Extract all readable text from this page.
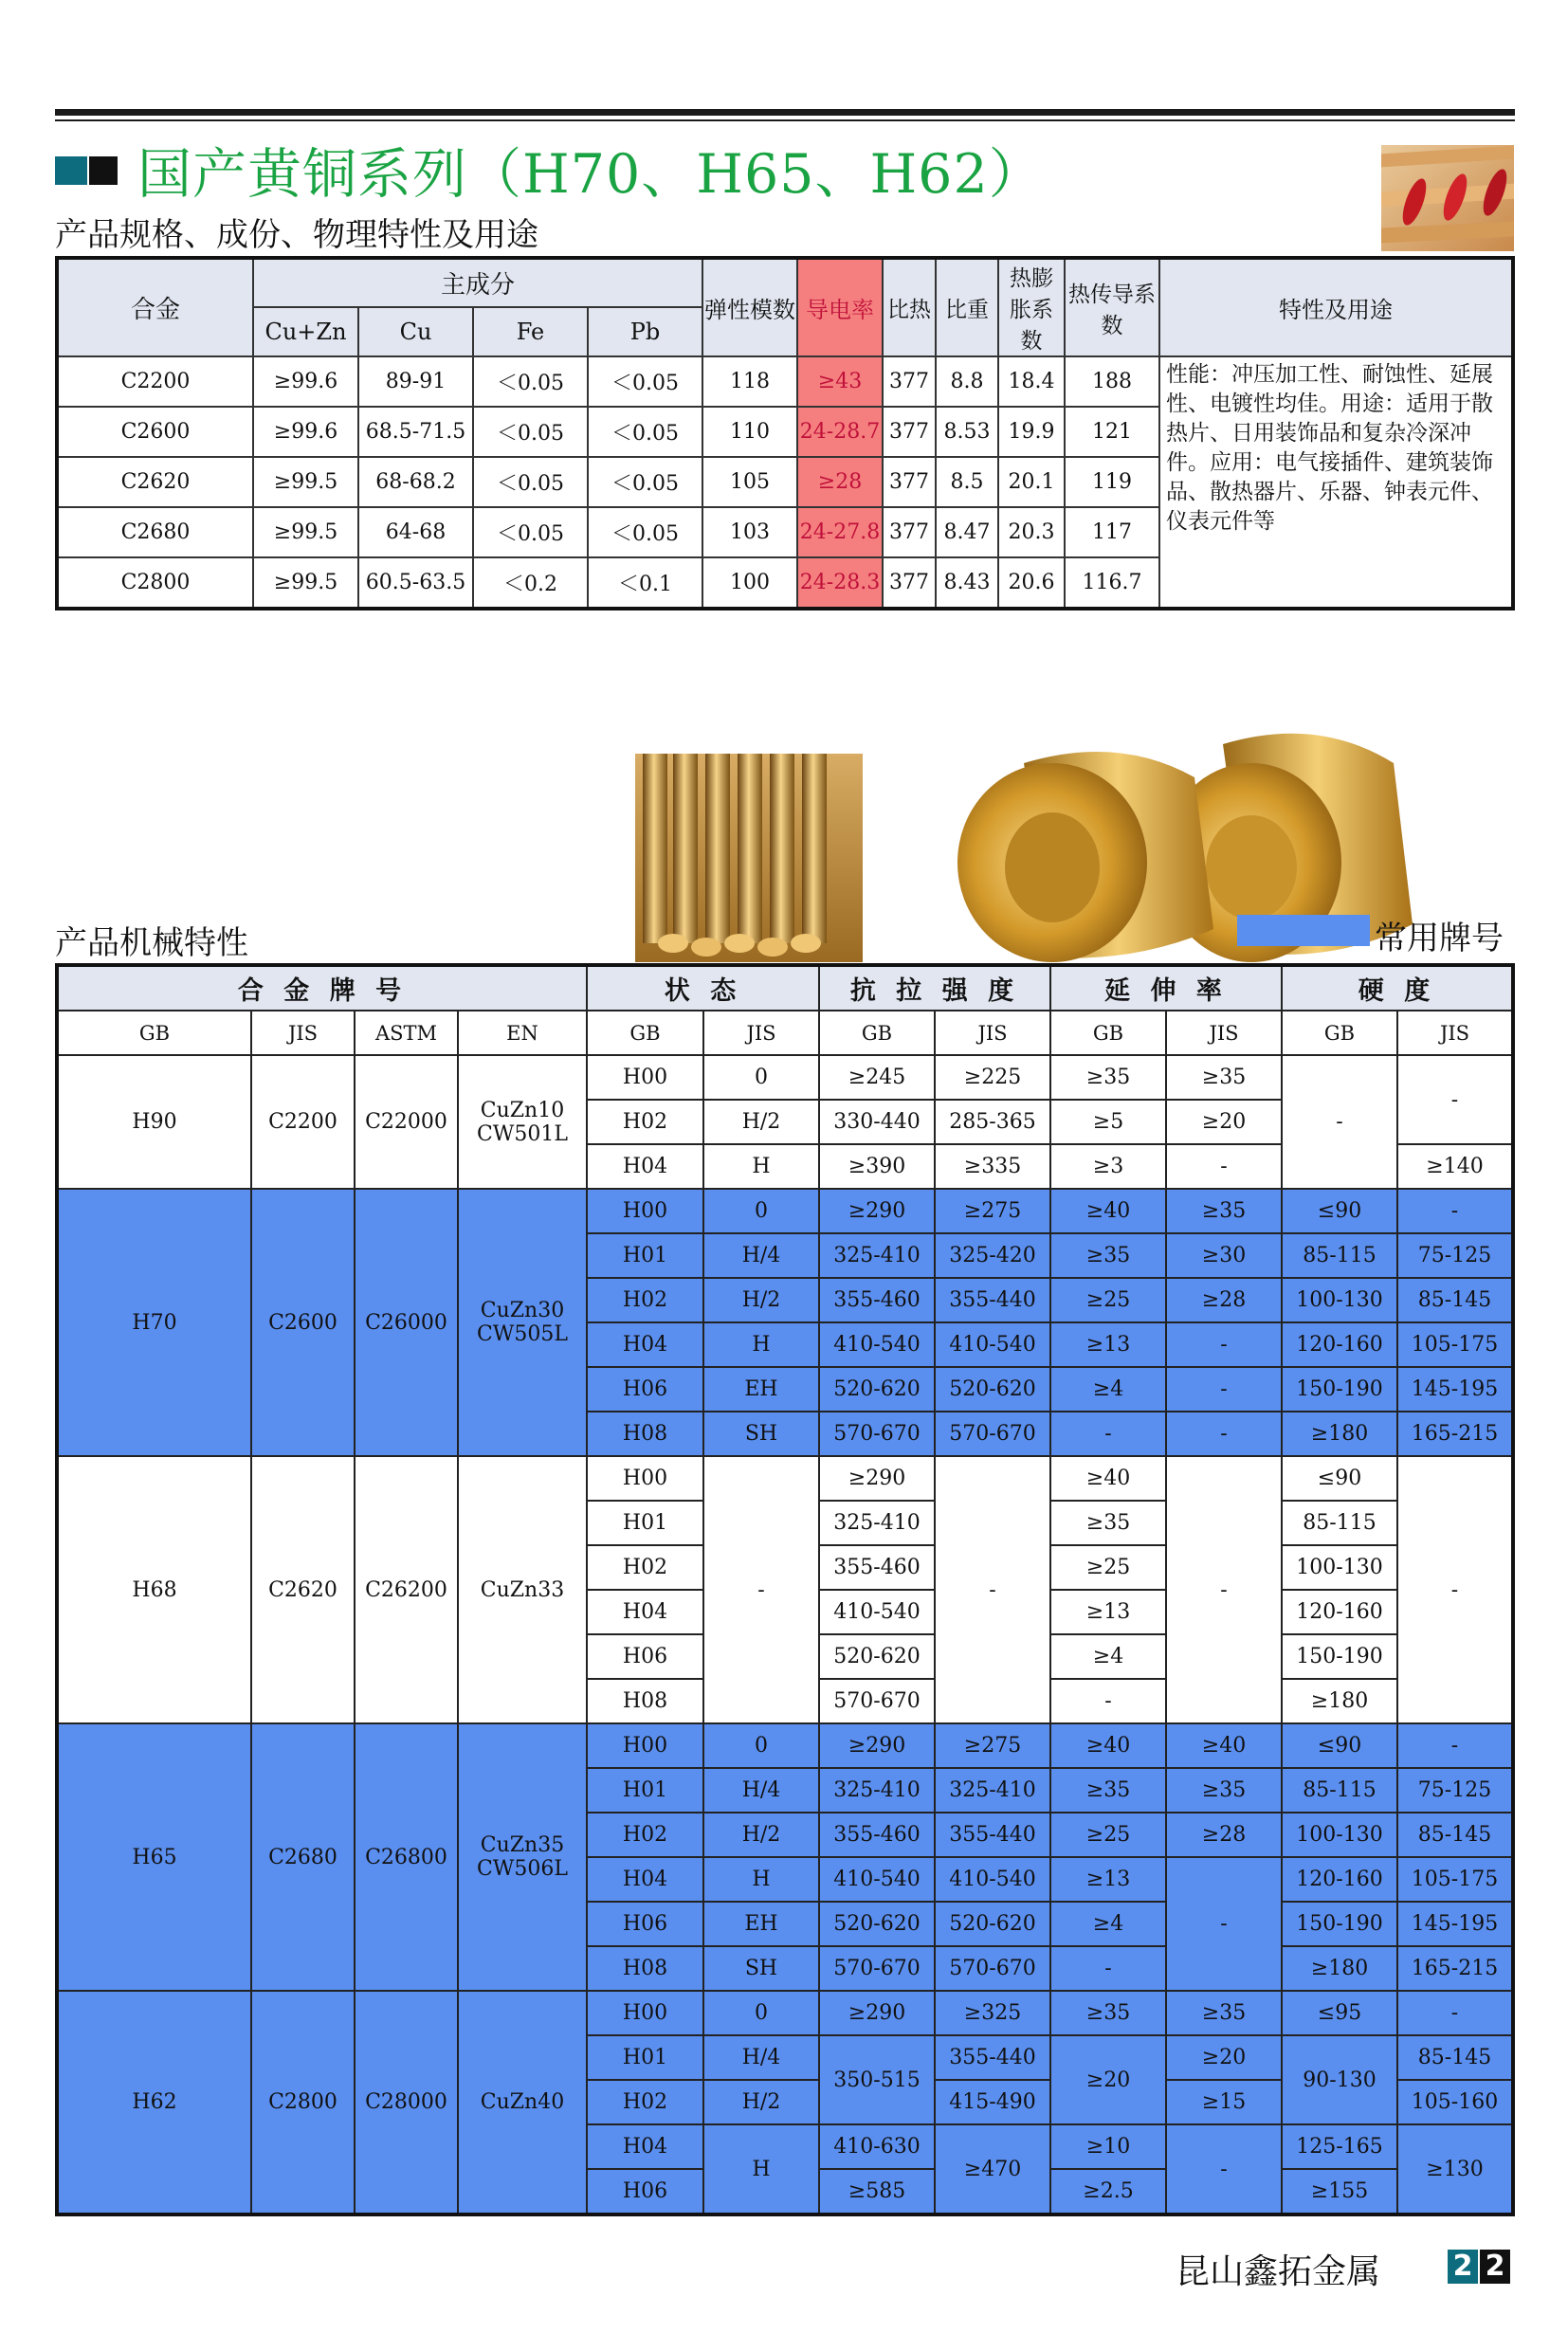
国产黄铜系列（H70、H65、H62）
产品规格、成份、物理特性及用途
合金	主成分				弹性模数	导电率	比热	比重	热膨胀系数	热传导系数	特性及用途
	Cu+Zn	Cu	Fe	Pb							
C2200	≥99.6	89-91	＜0.05	＜0.05	118	≥43	377	8.8	18.4	188	性能：冲压加工性、耐蚀性、延展性、电镀性均佳。用途：适用于散热片、日用装饰品和复杂冷深冲件。应用：电气接插件、建筑装饰品、散热器片、乐器、钟表元件、仪表元件等
C2600	≥99.6	68.5-71.5	＜0.05	＜0.05	110	24-28.7	377	8.53	19.9	121	
C2620	≥99.5	68-68.2	＜0.05	＜0.05	105	≥28	377	8.5	20.1	119	
C2680	≥99.5	64-68	＜0.05	＜0.05	103	24-27.8	377	8.47	20.3	117	
C2800	≥99.5	60.5-63.5	＜0.2	＜0.1	100	24-28.3	377	8.43	20.6	116.7	
产品机械特性	常用牌号
合 金 牌 号				状 态		抗 拉 强 度		延 伸 率		硬 度	
GB	JIS	ASTM	EN	GB	JIS	GB	JIS	GB	JIS	GB	JIS
H90	C2200	C22000	CuZn10 CW501L	H00	0	≥245	≥225	≥35	≥35	-	-
				H02	H/2	330-440	285-365	≥5	≥20		
				H04	H	≥390	≥335	≥3	-		≥140
H70	C2600	C26000	CuZn30 CW505L	H00	0	≥290	≥275	≥40	≥35	≤90	-
				H01	H/4	325-410	325-420	≥35	≥30	85-115	75-125
				H02	H/2	355-460	355-440	≥25	≥28	100-130	85-145
				H04	H	410-540	410-540	≥13	-	120-160	105-175
				H06	EH	520-620	520-620	≥4	-	150-190	145-195
				H08	SH	570-670	570-670	-	-	≥180	165-215
H68	C2620	C26200	CuZn33	H00	-	≥290	-	≥40	-	≤90	-
				H01		325-410		≥35		85-115	
				H02		355-460		≥25		100-130	
				H04		410-540		≥13		120-160	
				H06		520-620		≥4		150-190	
				H08		570-670		-		≥180	
H65	C2680	C26800	CuZn35 CW506L	H00	0	≥290	≥275	≥40	≥40	≤90	-
				H01	H/4	325-410	325-410	≥35	≥35	85-115	75-125
				H02	H/2	355-460	355-440	≥25	≥28	100-130	85-145
				H04	H	410-540	410-540	≥13	-	120-160	105-175
				H06	EH	520-620	520-620	≥4		150-190	145-195
				H08	SH	570-670	570-670	-		≥180	165-215
H62	C2800	C28000	CuZn40	H00	0	≥290	≥325	≥35	≥35	≤95	-
				H01	H/4	350-515	355-440	≥20	≥20	90-130	85-145
				H02	H/2		415-490		≥15		105-160
				H04	H	410-630	≥470	≥10	-	125-165	≥130
				H06		≥585		≥2.5		≥155	
昆山鑫拓金属	2 2
